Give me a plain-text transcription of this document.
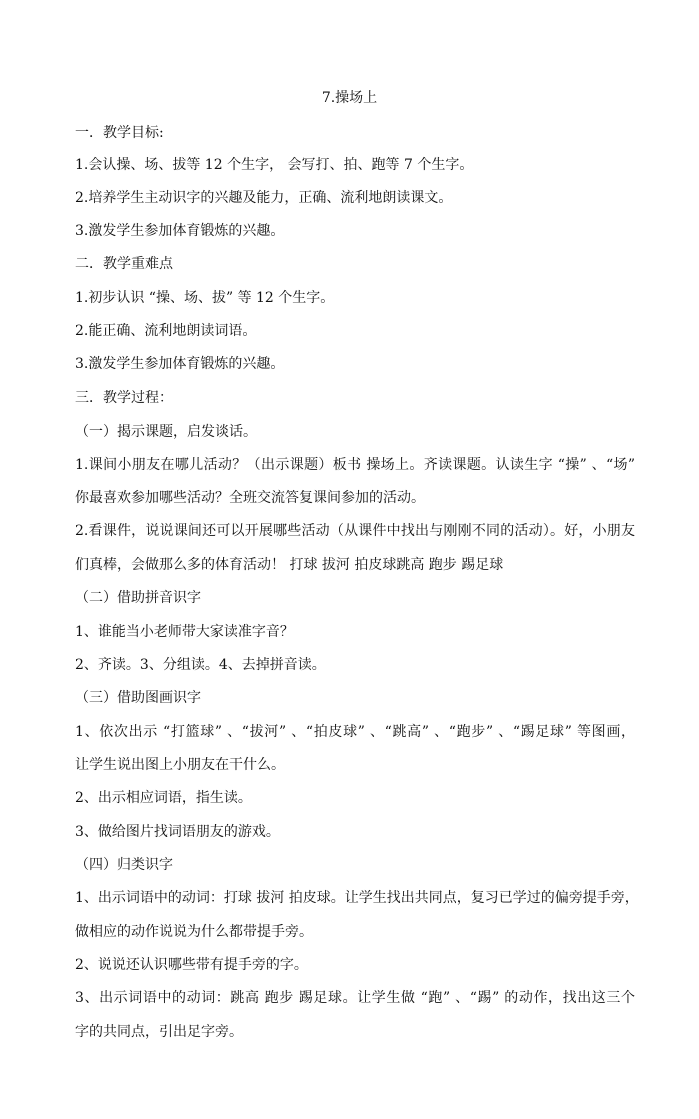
7.操场上
一．教学目标:
1.会认操、场、拔等 12 个生字， 会写打、拍、跑等 7 个生字。
2.培养学生主动识字的兴趣及能力，正确、流利地朗读课文。
3.激发学生参加体育锻炼的兴趣。
二．教学重难点
1.初步认识 “操、场、拔” 等 12 个生字。
2.能正确、流利地朗读词语。
3.激发学生参加体育锻炼的兴趣。
三．教学过程：
（一）揭示课题，启发谈话。
1.课间小朋友在哪儿活动？（出示课题）板书 操场上。齐读课题。认读生字 “操” 、“场”
你最喜欢参加哪些活动？全班交流答复课间参加的活动。
2.看课件，说说课间还可以开展哪些活动（从课件中找出与刚刚不同的活动）。好，小朋友
们真棒，会做那么多的体育活动！ 打球 拔河 拍皮球跳高 跑步 踢足球
（二）借助拼音识字
1、谁能当小老师带大家读准字音？
2、齐读。3、分组读。4、去掉拼音读。
（三）借助图画识字
1、依次出示 “打篮球” 、“拔河” 、“拍皮球” 、“跳高” 、“跑步” 、“踢足球” 等图画，
让学生说出图上小朋友在干什么。
2、出示相应词语，指生读。
3、做给图片找词语朋友的游戏。
（四）归类识字
1、出示词语中的动词：打球 拔河 拍皮球。让学生找出共同点，复习已学过的偏旁提手旁，
做相应的动作说说为什么都带提手旁。
2、说说还认识哪些带有提手旁的字。
3、出示词语中的动词：跳高 跑步 踢足球。让学生做 “跑” 、“踢” 的动作，找出这三个
字的共同点，引出足字旁。
